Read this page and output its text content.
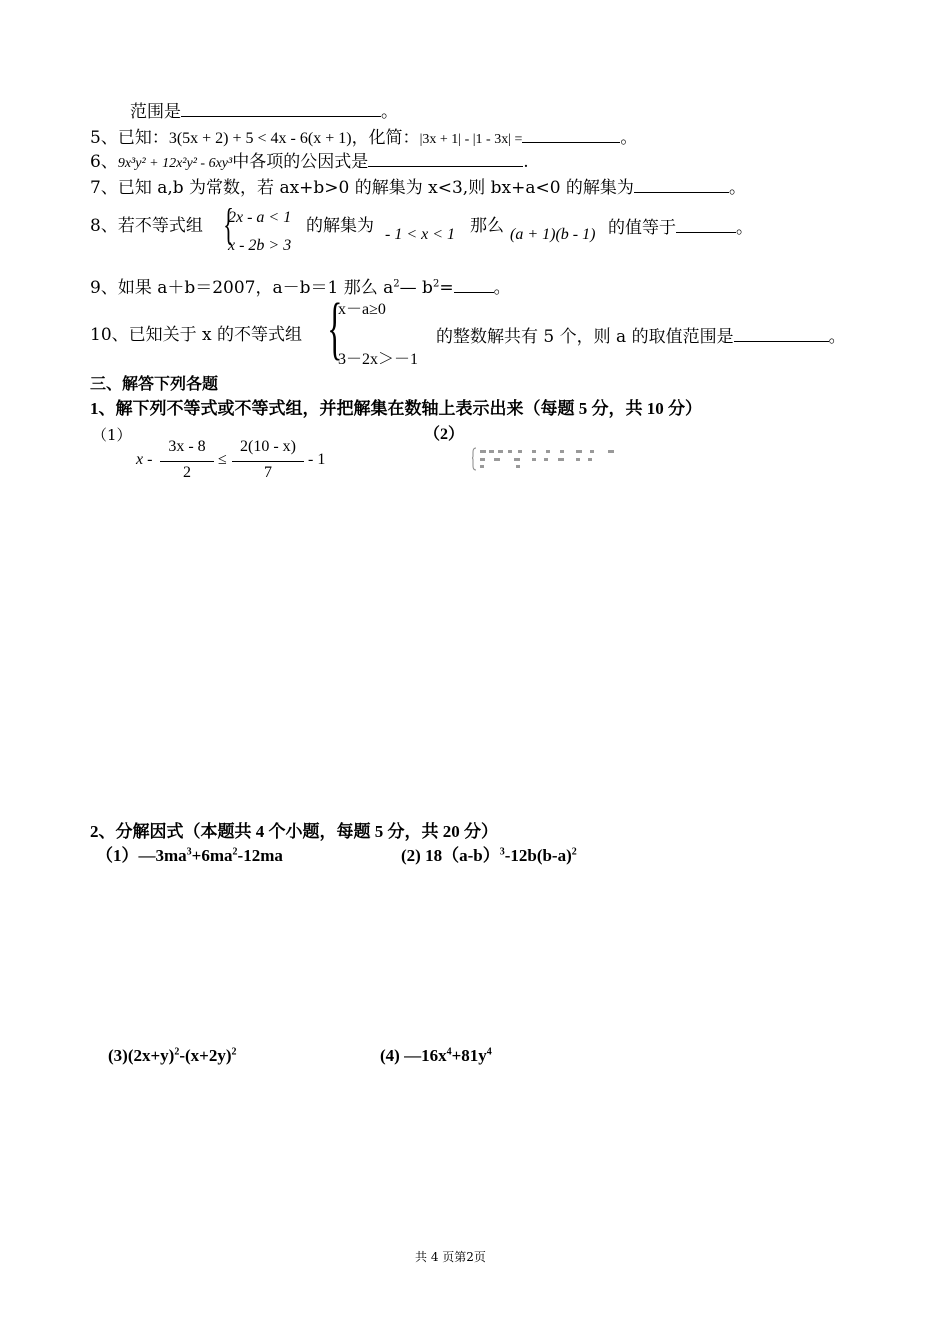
范围是	。
5、已知：3(5x + 2) + 5 < 4x - 6(x + 1)，化简：|3x + 1| - |1 - 3x| =	。
6、9x³y² + 12x²y² - 6xy³中各项的公因式是	.
7、已知 a,b 为常数，若 ax+b>0 的解集为 x<3,则 bx+a<0 的解集为	。
8、若不等式组 {
2x - a < 1
x - 2b > 3
的解集为 - 1 < x < 1 那么 (a + 1)(b - 1) 的值等于	。
9、如果 a＋b＝2007，a－b＝1 那么 $a^2—$ $b^2=$ 。
10、已知关于 x 的不等式组 {
x－a≥0
3－2x＞－1
的整数解共有 5 个，则 a 的取值范围是	。
三、解答下列各题
1、解下列不等式或不等式组，并把解集在数轴上表示出来（每题 5 分，共 10 分）
（1）	（2）
x -
3x - 8
2
≤
2(10 - x)
7
- 1
2、分解因式（本题共 4 个小题，每题 5 分，共 20 分）
$(1)—3ma^3+6ma^2-12ma$	(2) $18(a-b)^3-12b(b-a)^2$
$(3)(2x+y)^2-(x+2y)^2$	(4) $—16x^4+81y^4$
共 4 页第2页
